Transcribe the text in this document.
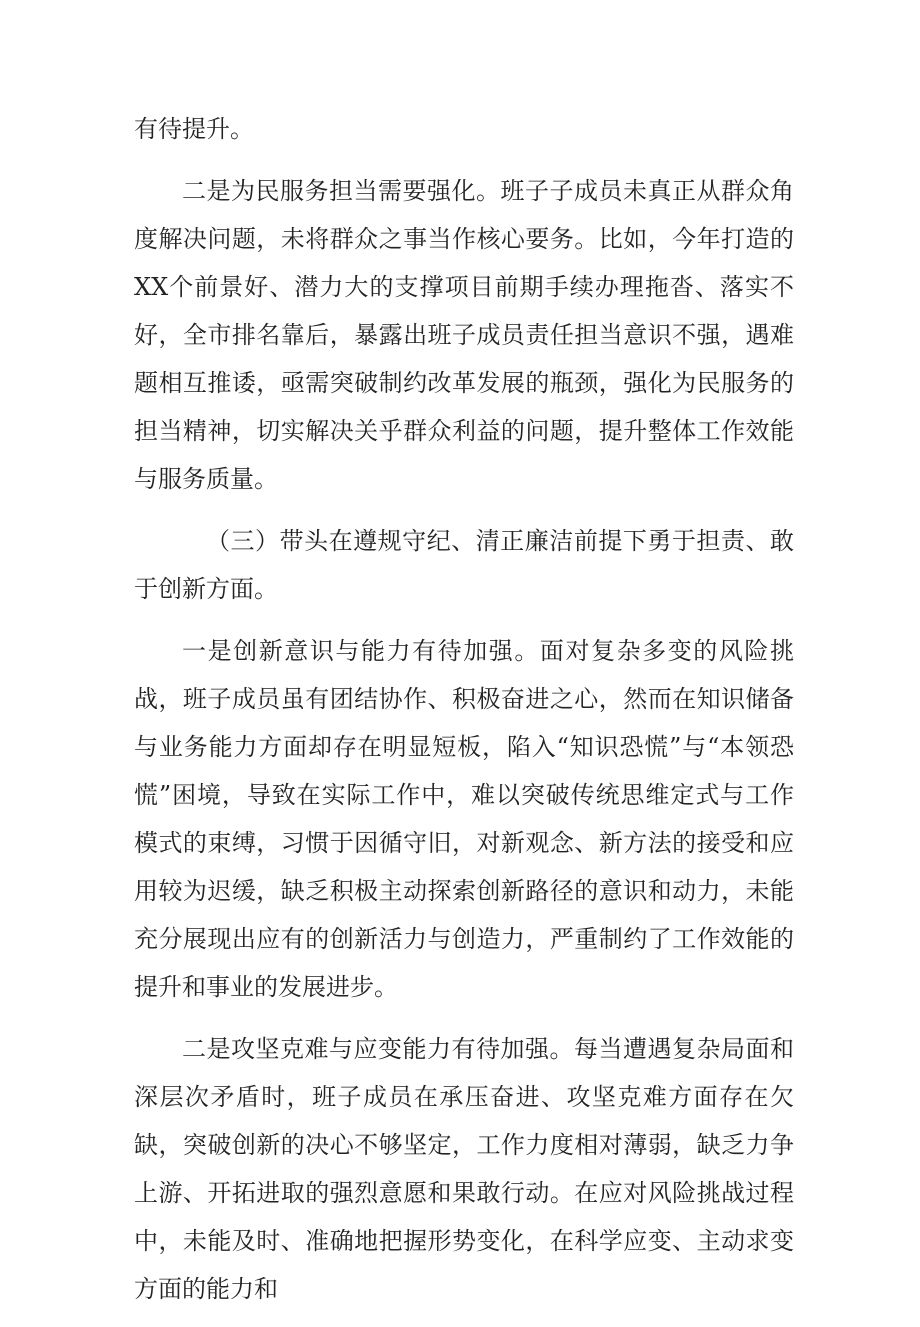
有待提升。

二是为民服务担当需要强化。班子子成员未真正从群众角度解决问题，未将群众之事当作核心要务。比如，今年打造的XX个前景好、潜力大的支撑项目前期手续办理拖沓、落实不好，全市排名靠后，暴露出班子成员责任担当意识不强，遇难题相互推诿，亟需突破制约改革发展的瓶颈，强化为民服务的担当精神，切实解决关乎群众利益的问题，提升整体工作效能与服务质量。

（三）带头在遵规守纪、清正廉洁前提下勇于担责、敢于创新方面。

一是创新意识与能力有待加强。面对复杂多变的风险挑战，班子成员虽有团结协作、积极奋进之心，然而在知识储备与业务能力方面却存在明显短板，陷入“知识恐慌”与“本领恐慌”困境，导致在实际工作中，难以突破传统思维定式与工作模式的束缚，习惯于因循守旧，对新观念、新方法的接受和应用较为迟缓，缺乏积极主动探索创新路径的意识和动力，未能充分展现出应有的创新活力与创造力，严重制约了工作效能的提升和事业的发展进步。

二是攻坚克难与应变能力有待加强。每当遭遇复杂局面和深层次矛盾时，班子成员在承压奋进、攻坚克难方面存在欠缺，突破创新的决心不够坚定，工作力度相对薄弱，缺乏力争上游、开拓进取的强烈意愿和果敢行动。在应对风险挑战过程中，未能及时、准确地把握形势变化，在科学应变、主动求变方面的能力和
